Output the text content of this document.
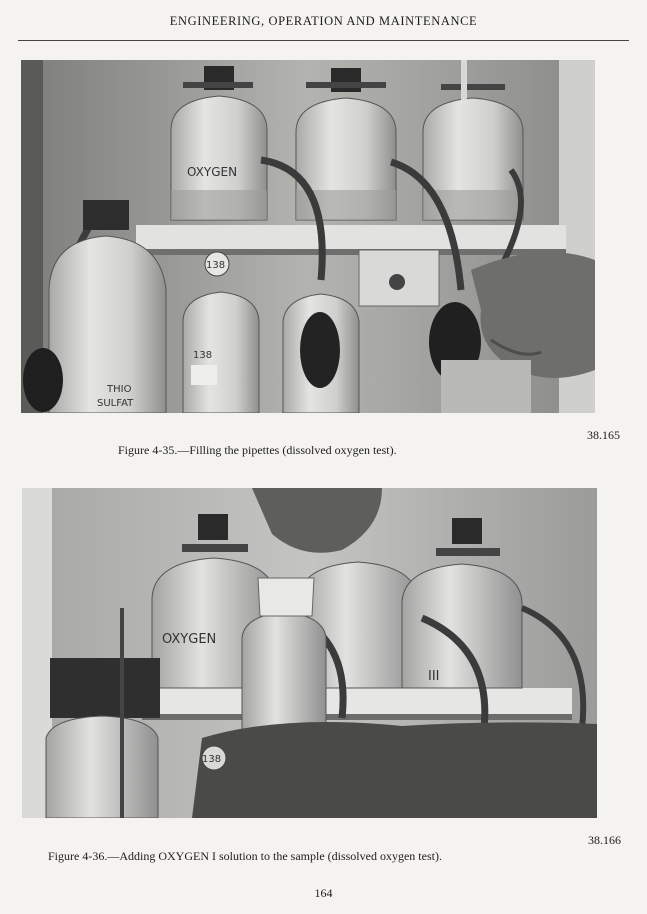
ENGINEERING, OPERATION AND MAINTENANCE
OXYGEN
THIO
SULFAT
138
138
38.165
Figure 4-35.—Filling the pipettes (dissolved oxygen test).
OXYGEN
III
138
38.166
Figure 4-36.—Adding OXYGEN I solution to the sample (dissolved oxygen test).
164
